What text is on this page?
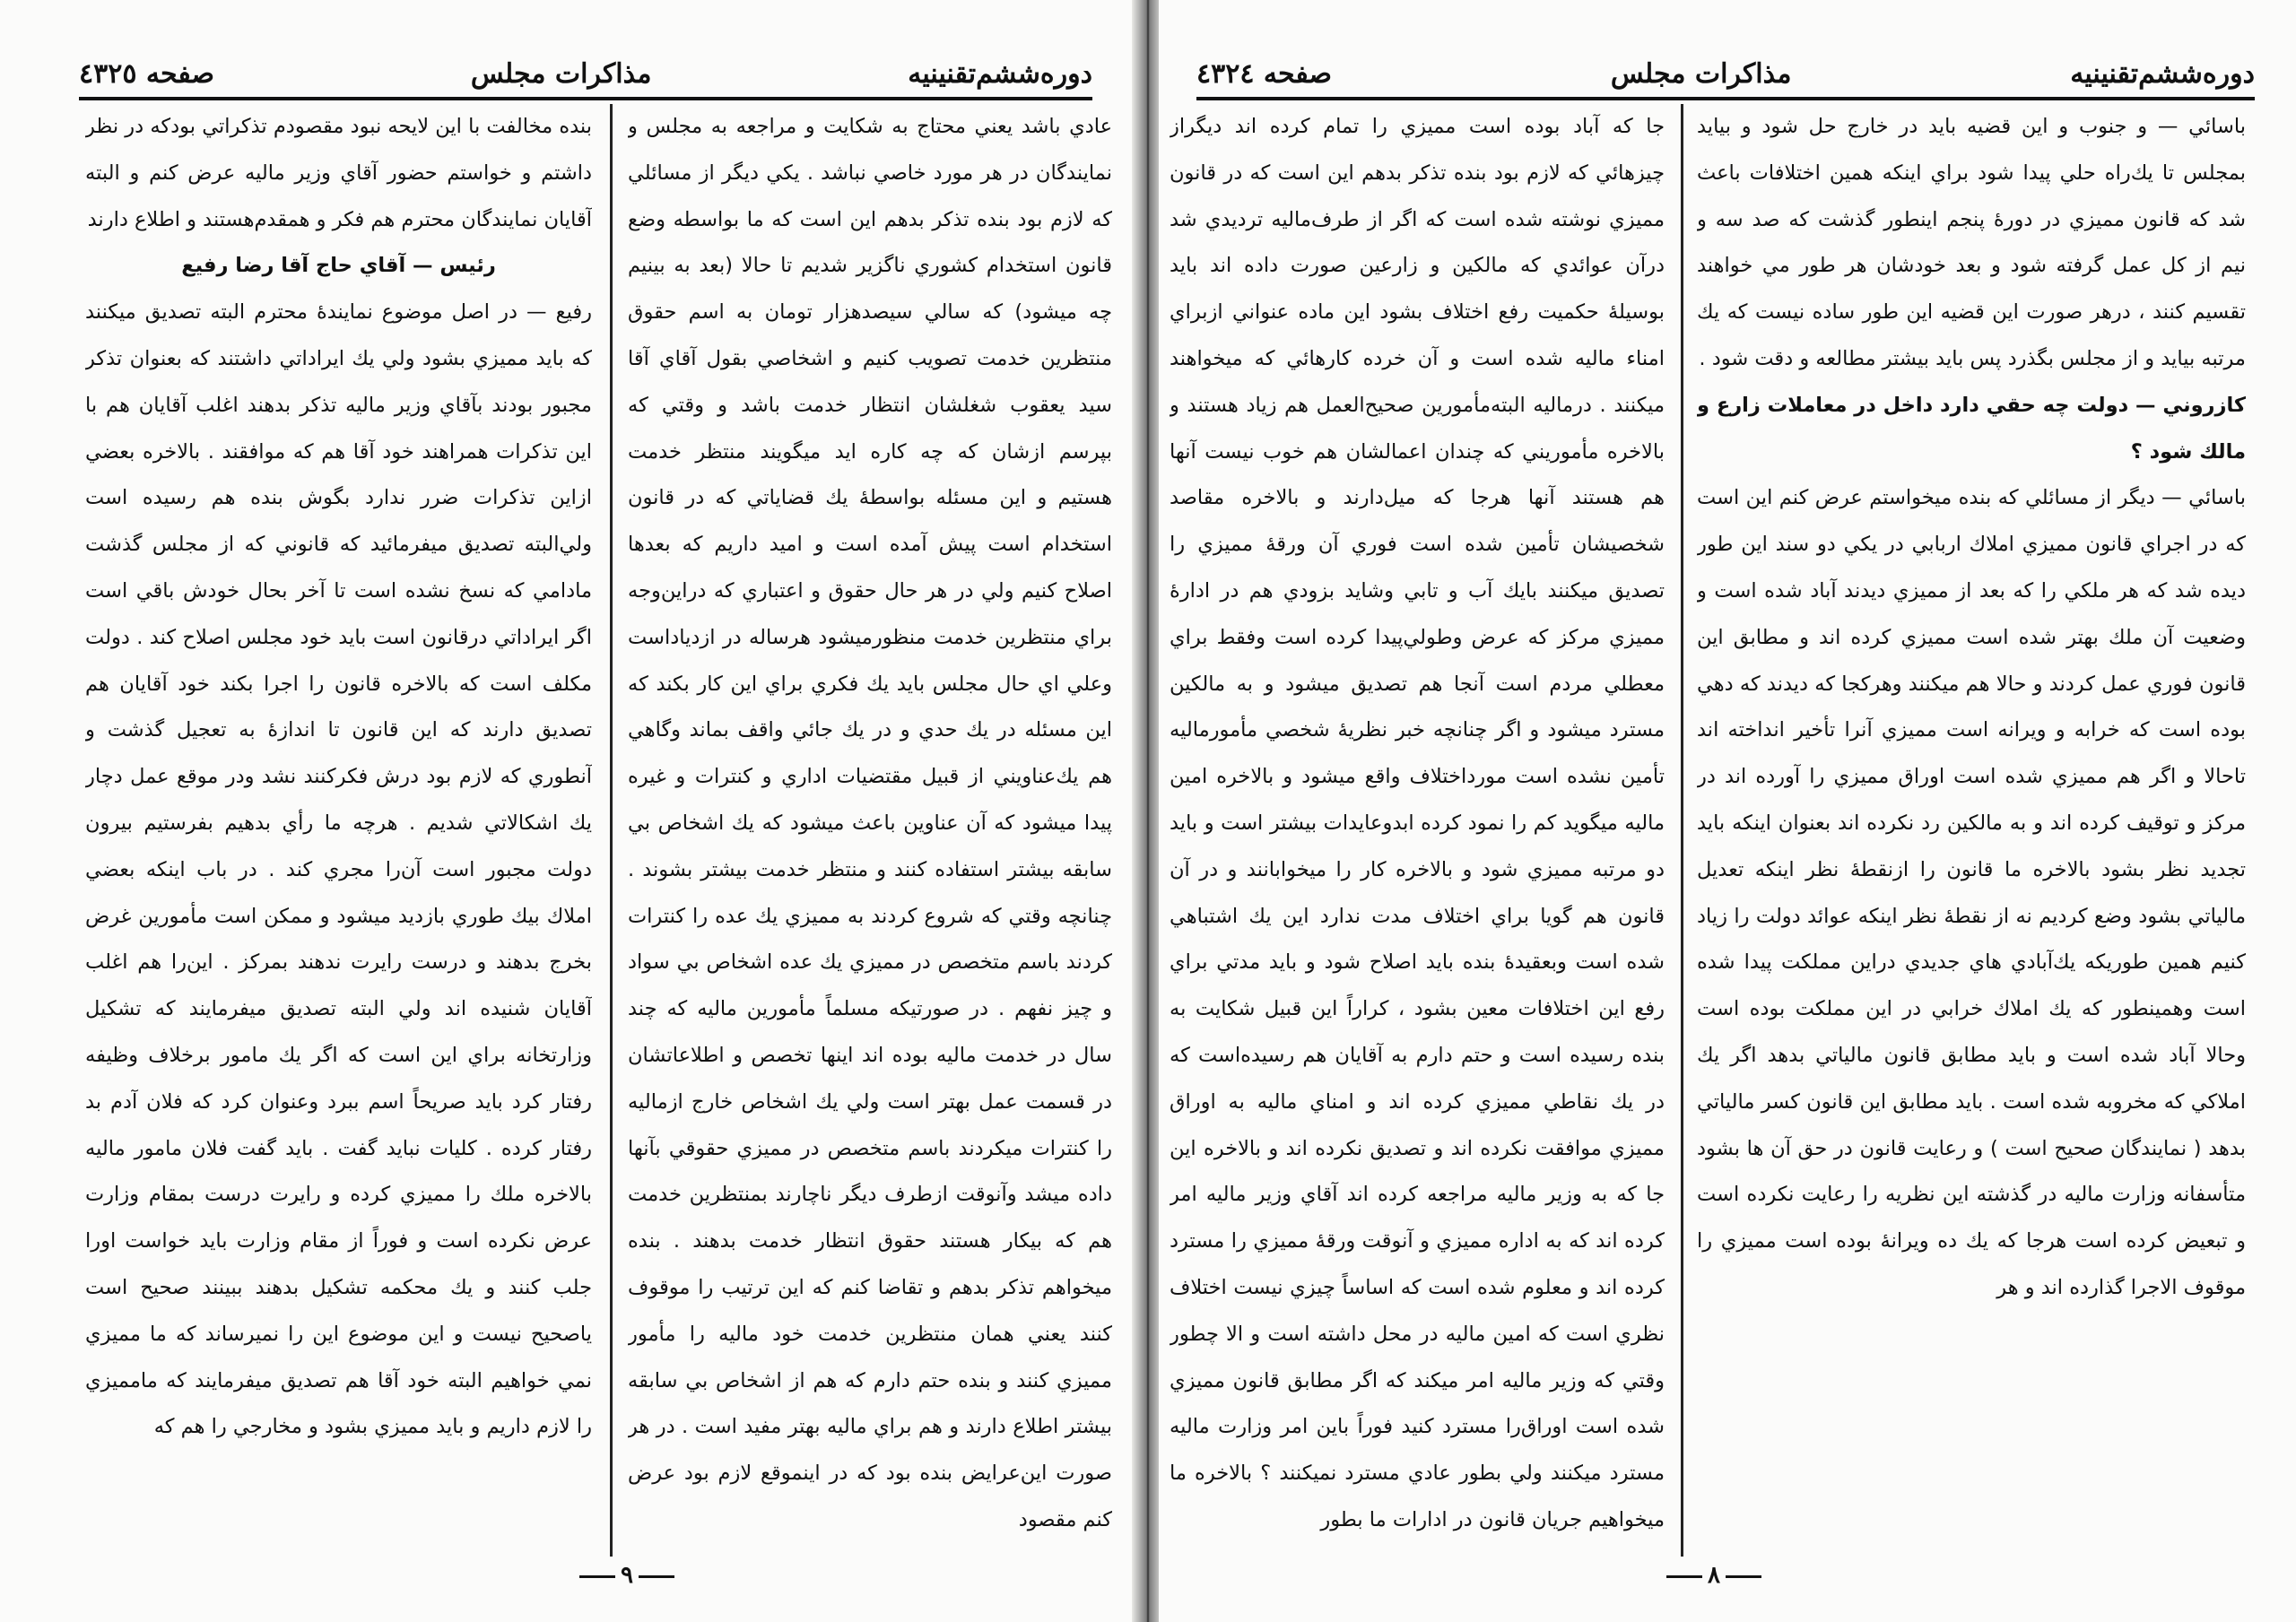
دوره‌ششم‌تقنینیه
مذاکرات مجلس
صفحه ٤٣٢٥

عادي باشد يعني محتاج به شكايت و مراجعه به مجلس و نمايندگان در هر مورد خاصي نباشد . يكي ديگر از مسائلي كه لازم بود بنده تذكر بدهم اين است كه ما بواسطه وضع قانون استخدام كشوري ناگزير شديم تا حالا (بعد به بينيم چه ميشود) كه سالي سيصدهزار تومان به اسم حقوق منتظرين خدمت تصويب كنيم و اشخاصي بقول آقاي آقا سيد يعقوب شغلشان انتظار خدمت باشد و وقتي كه بپرسم ازشان كه چه كاره ايد ميگويند منتظر خدمت هستيم و اين مسئله بواسطهٔ يك قضاياتي كه در قانون استخدام است پيش آمده است و اميد داريم كه بعدها اصلاح كنيم ولي در هر حال حقوق و اعتباري كه دراين‌وجه براي منتظرين خدمت منظورميشود هرساله در ازدياداست وعلي اي حال مجلس بايد يك فكري براي اين كار بكند كه اين مسئله در يك حدي و در يك جائي واقف بماند وگاهي هم يك‌عناويني از قبيل مقتضيات اداري و كنترات و غيره پيدا ميشود كه آن عناوين باعث ميشود كه يك اشخاص بي سابقه بيشتر استفاده كنند و منتظر خدمت بيشتر بشوند . چنانچه وقتي كه شروع كردند به مميزي يك عده را كنترات كردند باسم متخصص در مميزي يك عده اشخاص بي سواد و چيز نفهم . در صورتيكه مسلماً مأمورين ماليه كه چند سال در خدمت ماليه بوده اند اينها تخصص و اطلاعاتشان در قسمت عمل بهتر است ولي يك اشخاص خارج ازماليه را كنترات ميكردند باسم متخصص در مميزي حقوقي بآنها داده ميشد وآنوقت ازطرف ديگر ناچارند بمنتظرين خدمت هم كه بيكار هستند حقوق انتظار خدمت بدهند . بنده ميخواهم تذكر بدهم و تقاضا كنم كه اين ترتيب را موقوف كنند يعني همان منتظرين خدمت خود ماليه را مأمور مميزي كنند و بنده حتم دارم كه هم از اشخاص بي سابقه بيشتر اطلاع دارند و هم براي ماليه بهتر مفيد است . در هر صورت اين‌عرايض بنده بود كه در اينموقع لازم بود عرض كنم مقصود

بنده مخالفت با اين لايحه نبود مقصودم تذكراتي بودكه در نظر داشتم و خواستم حضور آقاي وزير ماليه عرض كنم و البته آقايان نمايندگان محترم هم فكر و همقدم‌هستند و اطلاع دارند

رئيس — آقاي حاج آقا رضا رفيع

رفيع — در اصل موضوع نمايندهٔ محترم البته تصديق ميكنند كه بايد مميزي بشود ولي يك ايراداتي داشتند كه بعنوان تذكر مجبور بودند بآقاي وزير ماليه تذكر بدهند اغلب آقايان هم با اين تذكرات همراهند خود آقا هم كه موافقند . بالاخره بعضي ازاين تذكرات ضرر ندارد بگوش بنده هم رسيده است ولي‌البته تصديق ميفرمائيد كه قانوني كه از مجلس گذشت مادامي كه نسخ نشده است تا آخر بحال خودش باقي است اگر ايراداتي درقانون است بايد خود مجلس اصلاح كند . دولت مكلف است كه بالاخره قانون را اجرا بكند خود آقايان هم تصديق دارند كه اين قانون تا اندازهٔ به تعجيل گذشت و آنطوري كه لازم بود درش فكركنند نشد ودر موقع عمل دچار يك اشكالاتي شديم . هرچه ما رأي بدهيم بفرستيم بيرون دولت مجبور است آن‌را مجري كند . در باب اينكه بعضي املاك بيك طوري بازديد ميشود و ممكن است مأمورين غرض بخرج بدهند و درست رايرت ندهند بمركز . اين‌را هم اغلب آقايان شنيده اند ولي البته تصديق ميفرمايند كه تشكيل وزارتخانه براي اين است كه اگر يك مامور برخلاف وظيفه رفتار كرد بايد صريحاً اسم ببرد وعنوان كرد كه فلان آدم بد رفتار كرده . كليات نبايد گفت . بايد گفت فلان مامور ماليه بالاخره ملك را مميزي كرده و رايرت درست بمقام وزارت عرض نكرده است و فوراً از مقام وزارت بايد خواست اورا جلب كنند و يك محكمه تشكيل بدهند ببينند صحيح است ياصحيح نيست و اين موضوع اين را نميرساند كه ما مميزي نمي خواهيم البته خود آقا هم تصديق ميفرمايند كه ماممیزي را لازم داريم و بايد مميزي بشود و مخارجي را هم كه

٩
دوره‌ششم‌تقنینیه
مذاکرات مجلس
صفحه ٤٣٢٤

باسائي — و جنوب و اين قضيه بايد در خارج حل شود و بيايد بمجلس تا يك‌راه حلي پيدا شود براي اينكه همين اختلافات باعث شد كه قانون مميزي در دورهٔ پنجم اينطور گذشت كه صد سه و نيم از كل عمل گرفته شود و بعد خودشان هر طور مي خواهند تقسيم كنند ، درهر صورت اين قضيه اين طور ساده نيست كه يك مرتبه بيايد و از مجلس بگذرد پس بايد بيشتر مطالعه و دقت شود .

كازروني — دولت چه حقي دارد داخل در معاملات زارع و مالك شود ؟

باسائي — ديگر از مسائلي كه بنده ميخواستم عرض كنم اين است كه در اجراي قانون مميزي املاك اربابي در يكي دو سند اين طور ديده شد كه هر ملكي را كه بعد از مميزي ديدند آباد شده است و وضعيت آن ملك بهتر شده است مميزي كرده اند و مطابق اين قانون فوري عمل كردند و حالا هم ميكنند وهركجا كه ديدند كه دهي بوده است كه خرابه و ويرانه است مميزي آنرا تأخير انداخته اند تاحالا و اگر هم مميزي شده است اوراق مميزي را آورده اند در مركز و توقيف كرده اند و به مالكين رد نكرده اند بعنوان اينكه بايد تجديد نظر بشود بالاخره ما قانون را ازنقطهٔ نظر اينكه تعديل مالياتي بشود وضع كرديم نه از نقطهٔ نظر اينكه عوائد دولت را زياد كنيم همين طوريكه يك‌آبادي هاي جديدي دراين مملكت پيدا شده است وهمينطور كه يك املاك خرابي در اين مملكت بوده است وحالا آباد شده است و بايد مطابق قانون مالياتي بدهد اگر يك املاكي كه مخروبه شده است . بايد مطابق اين قانون كسر مالياتي بدهد ( نمايندگان صحيح است ) و رعايت قانون در حق آن ها بشود متأسفانه وزارت ماليه در گذشته اين نظريه را رعايت نكرده است و تبعيض كرده است هرجا كه يك ده ويرانهٔ بوده است مميزي را موقوف الاجرا گذارده اند و هر

جا كه آباد بوده است مميزي را تمام كرده اند ديگراز چيزهائي كه لازم بود بنده تذكر بدهم اين است كه در قانون مميزي نوشته شده است كه اگر از طرف‌ماليه ترديدي شد درآن عوائدي كه مالكين و زارعين صورت داده اند بايد بوسيلهٔ حكميت رفع اختلاف بشود اين ماده عنواني ازبراي امناء ماليه شده است و آن خرده كارهائي كه ميخواهند ميكنند . درماليه البته‌مأمورين صحيح‌العمل هم زياد هستند و بالاخره مأموريني كه چندان اعمالشان هم خوب نيست آنها هم هستند آنها هرجا كه ميل‌دارند و بالاخره مقاصد شخصيشان تأمين شده است فوري آن ورقهٔ مميزي را تصديق ميكنند بايك آب و تابي وشايد بزودي هم در ادارهٔ مميزي مركز كه عرض وطولي‌پيدا كرده است وفقط براي معطلي مردم است آنجا هم تصديق ميشود و به مالكين مسترد ميشود و اگر چنانچه خبر نظريهٔ شخصي مأمورماليه تأمين نشده است مورداختلاف واقع ميشود و بالاخره امين ماليه ميگويد كم را نمود كرده ابدوعايدات بيشتر است و بايد دو مرتبه مميزي شود و بالاخره كار را ميخوابانند و در آن قانون هم گويا براي اختلاف مدت ندارد اين يك اشتباهي شده است وبعقيدهٔ بنده بايد اصلاح شود و بايد مدتي براي رفع اين اختلافات معين بشود ، كراراً اين قبيل شكايت به بنده رسيده است و حتم دارم به آقايان هم رسيده‌است كه در يك نقاطي مميزي كرده اند و امناي ماليه به اوراق مميزي موافقت نكرده اند و تصديق نكرده اند و بالاخره اين جا كه به وزير ماليه مراجعه كرده اند آقاي وزير ماليه امر كرده اند كه به اداره مميزي و آنوقت ورقهٔ مميزي را مسترد كرده اند و معلوم شده است كه اساساً چيزي نيست اختلاف نظري است كه امين ماليه در محل داشته است و الا چطور وقتي كه وزير ماليه امر ميكند كه اگر مطابق قانون مميزي شده است اوراق‌را مسترد كنيد فوراً باين امر وزارت ماليه مسترد ميكنند ولي بطور عادي مسترد نميكنند ؟ بالاخره ما ميخواهيم جريان قانون در ادارات ما بطور

٨
